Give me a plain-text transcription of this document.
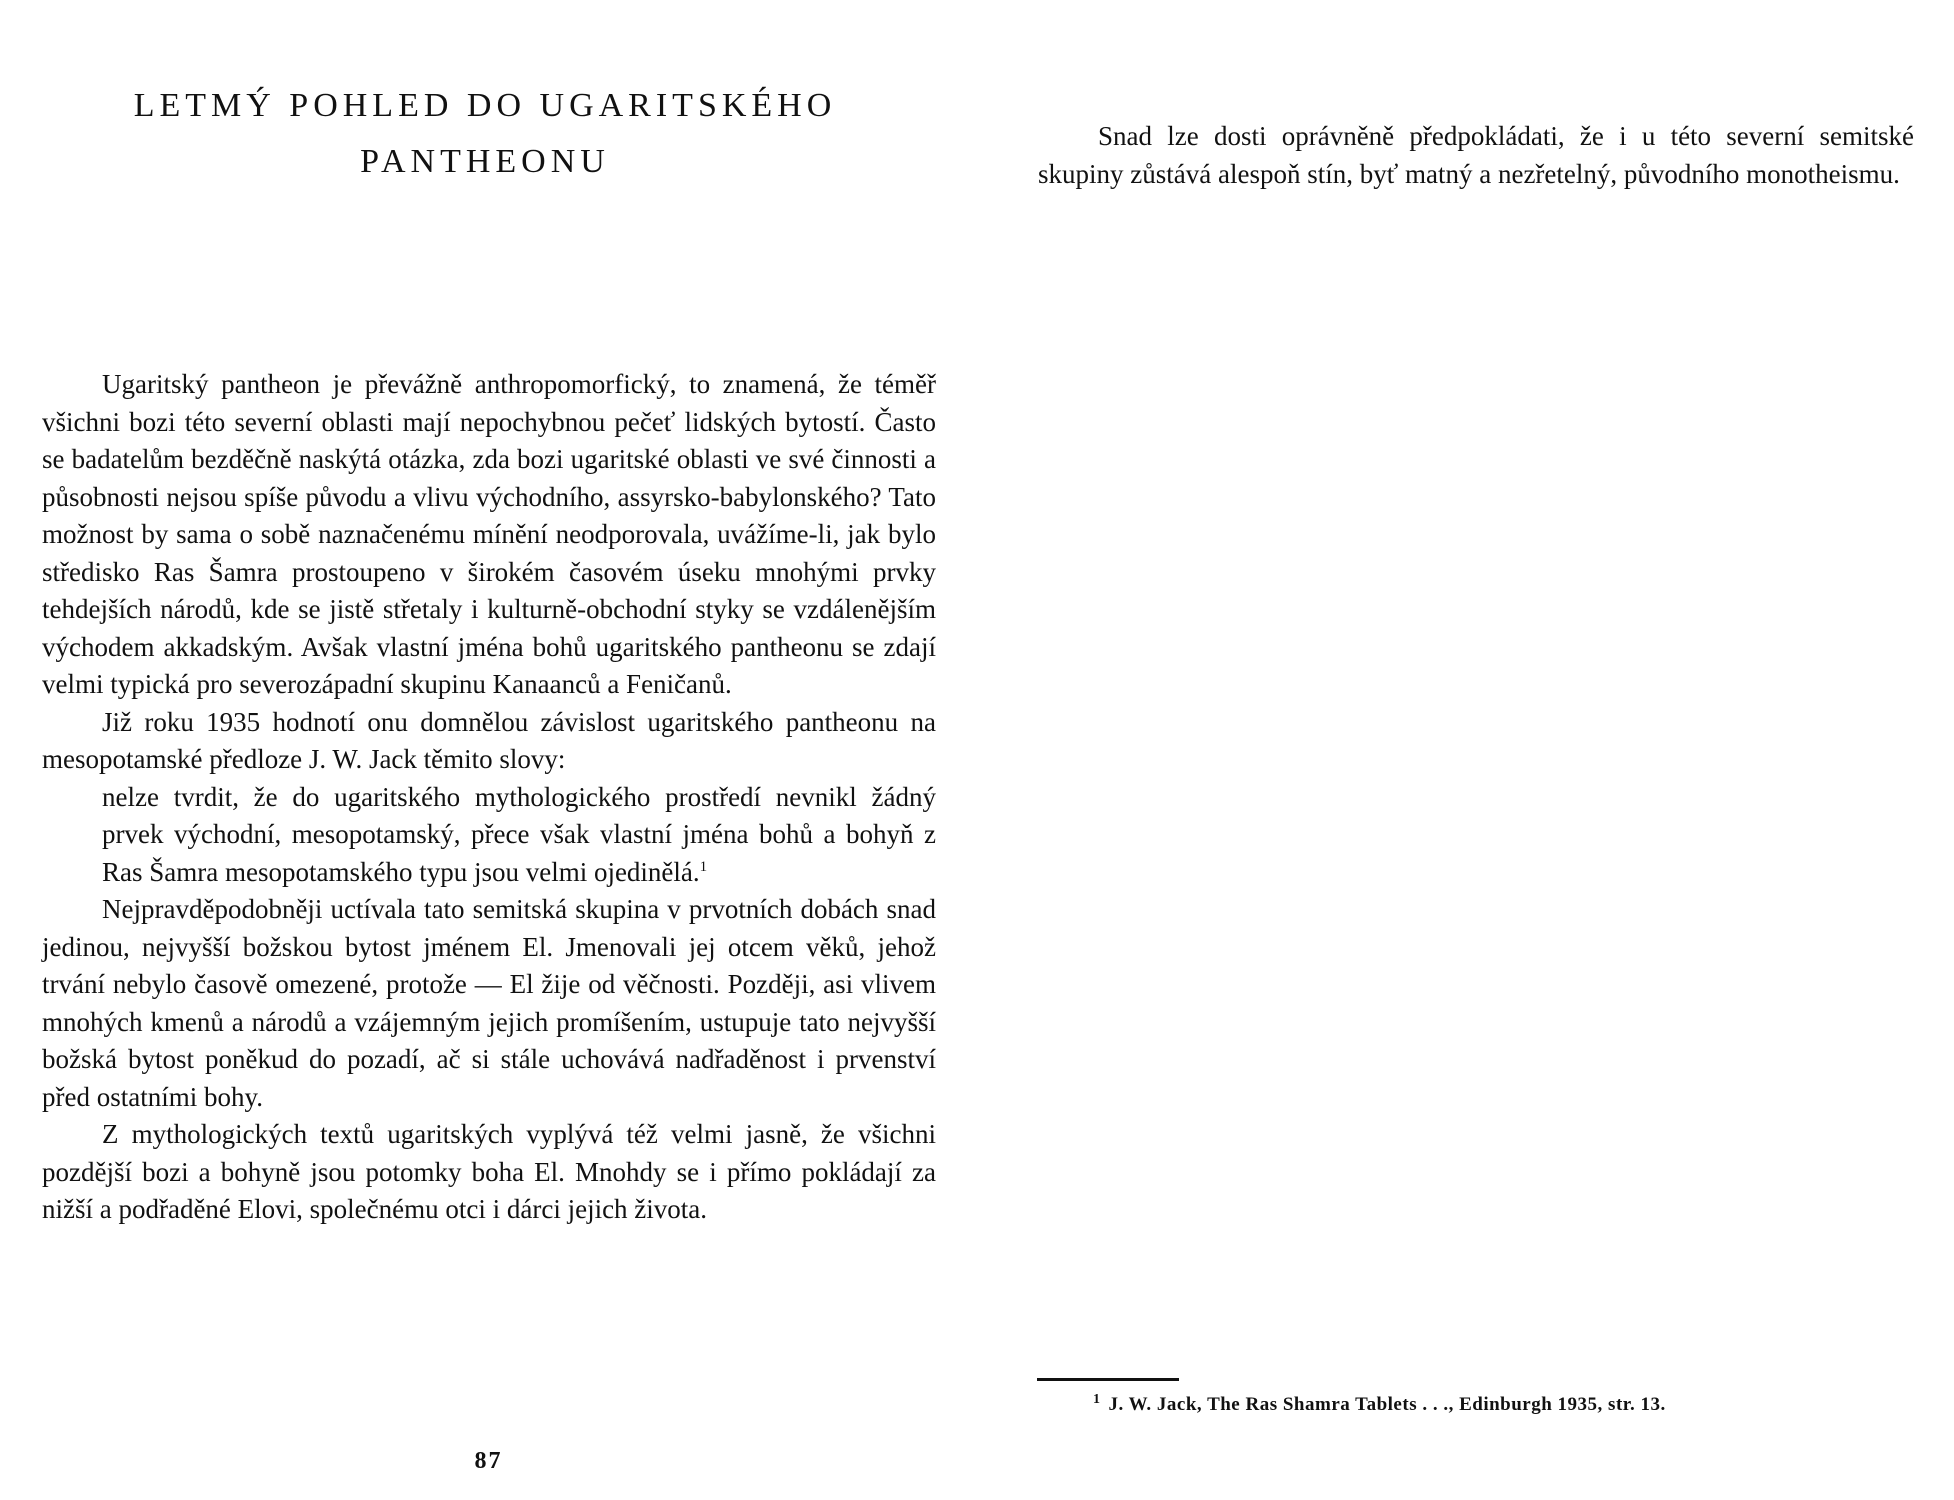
LETMÝ POHLED DO UGARITSKÉHO
PANTHEONU

Ugaritský pantheon je převážně anthropomorfický, to znamená, že téměř všichni bozi této severní oblasti mají nepochybnou pečeť lidských bytostí. Často se badatelům bezděčně naskýtá otázka, zda bozi ugaritské oblasti ve své činnosti a působnosti nejsou spíše původu a vlivu východního, assyrsko-babylonského? Tato možnost by sama o sobě naznačenému mínění neodporovala, uvážíme-li, jak bylo středisko Ras Šamra prostoupeno v širokém časovém úseku mnohými prvky tehdejších národů, kde se jistě střetaly i kulturně-obchodní styky se vzdálenějším východem akkadským. Avšak vlastní jména bohů ugaritského pantheonu se zdají velmi typická pro severozápadní skupinu Kanaanců a Feničanů.

Již roku 1935 hodnotí onu domnělou závislost ugaritského pantheonu na mesopotamské předloze J. W. Jack těmito slovy:

nelze tvrdit, že do ugaritského mythologického prostředí nevnikl žádný prvek východní, mesopotamský, přece však vlastní jména bohů a bohyň z Ras Šamra mesopotamského typu jsou velmi ojedinělá.$^1$

Nejpravděpodobněji uctívala tato semitská skupina v prvotních dobách snad jedinou, nejvyšší božskou bytost jménem El. Jmenovali jej otcem věků, jehož trvání nebylo časově omezené, protože — El žije od věčnosti. Později, asi vlivem mnohých kmenů a národů a vzájemným jejich promíšením, ustupuje tato nejvyšší božská bytost poněkud do pozadí, ač si stále uchovává nadřaděnost i prvenství před ostatními bohy.

Z mythologických textů ugaritských vyplývá též velmi jasně, že všichni pozdější bozi a bohyně jsou potomky boha El. Mnohdy se i přímo pokládají za nižší a podřaděné Elovi, společnému otci i dárci jejich života.

87

Snad lze dosti oprávněně předpokládati, že i u této severní semitské skupiny zůstává alespoň stín, byť matný a nezřetelný, původního monotheismu.

$^1$ J. W. Jack, The Ras Shamra Tablets . . ., Edinburgh 1935, str. 13.
